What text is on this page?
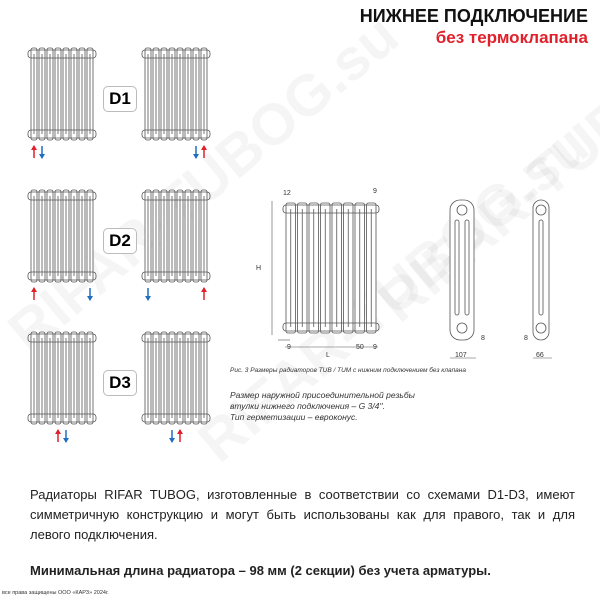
НИЖНЕЕ ПОДКЛЮЧЕНИЕ
без термоклапана
12	9
H
9	50 9
L	107
8
66
8
D1
D2
D3
Рис. 3 Размеры радиаторов TUB / TUM с нижним подключением без клапана
Размер наружной присоединительной резьбы
втулки нижнего подключения – G 3/4''.
Тип герметизации – евроконус.
Радиаторы RIFAR TUBOG, изготовленные в соответствии со схемами D1-D3, имеют симметричную конструкцию и могут быть использованы как для правого, так и для левого подключения.
Минимальная длина радиатора – 98 мм (2 секции) без учета арматуры.
все права защищены ООО «КАРЗ» 2024г.
